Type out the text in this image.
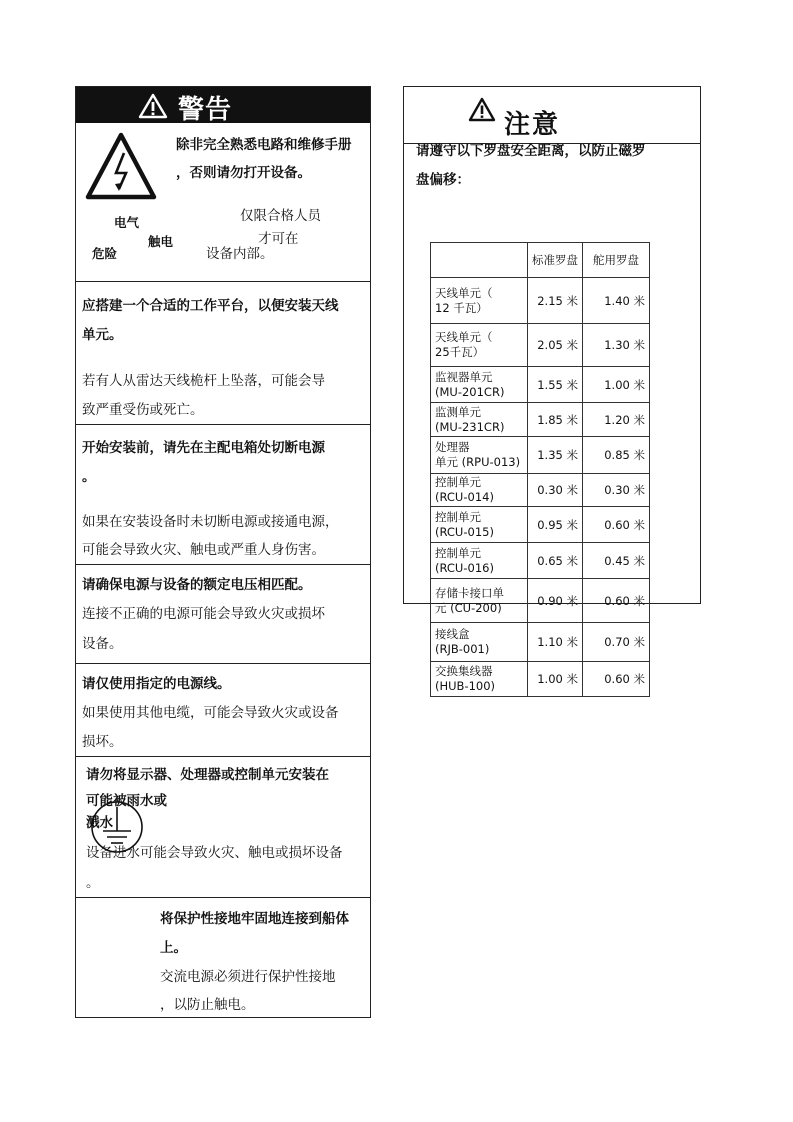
警告
除非完全熟悉电路和维修手册
，否则请勿打开设备。
电气
触电
危险
仅限合格人员
才可在
设备内部。
应搭建一个合适的工作平台，以便安装天线
单元。
若有人从雷达天线桅杆上坠落，可能会导
致严重受伤或死亡。
开始安装前，请先在主配电箱处切断电源
。
如果在安装设备时未切断电源或接通电源，
可能会导致火灾、触电或严重人身伤害。
请确保电源与设备的额定电压相匹配。
连接不正确的电源可能会导致火灾或损坏
设备。
请仅使用指定的电源线。
如果使用其他电缆，可能会导致火灾或设备
损坏。
请勿将显示器、处理器或控制单元安装在
可能被雨水或
溅水
设备进水可能会导致火灾、触电或损坏设备
。
将保护性接地牢固地连接到船体
上。
交流电源必须进行保护性接地
，以防止触电。
注意
请遵守以下罗盘安全距离，以防止磁罗
盘偏移：
	标准罗盘	舵用罗盘
天线单元（
12 千瓦）	2.15 米	1.40 米
天线单元（
25千瓦）	2.05 米	1.30 米
监视器单元
(MU-201CR)	1.55 米	1.00 米
监测单元
(MU-231CR)	1.85 米	1.20 米
处理器
单元 (RPU-013)	1.35 米	0.85 米
控制单元
(RCU-014)	0.30 米	0.30 米
控制单元
(RCU-015)	0.95 米	0.60 米
控制单元
(RCU-016)	0.65 米	0.45 米
存储卡接口单
元 (CU-200)	0.90 米	0.60 米
接线盒
(RJB-001)	1.10 米	0.70 米
交换集线器
(HUB-100)	1.00 米	0.60 米
